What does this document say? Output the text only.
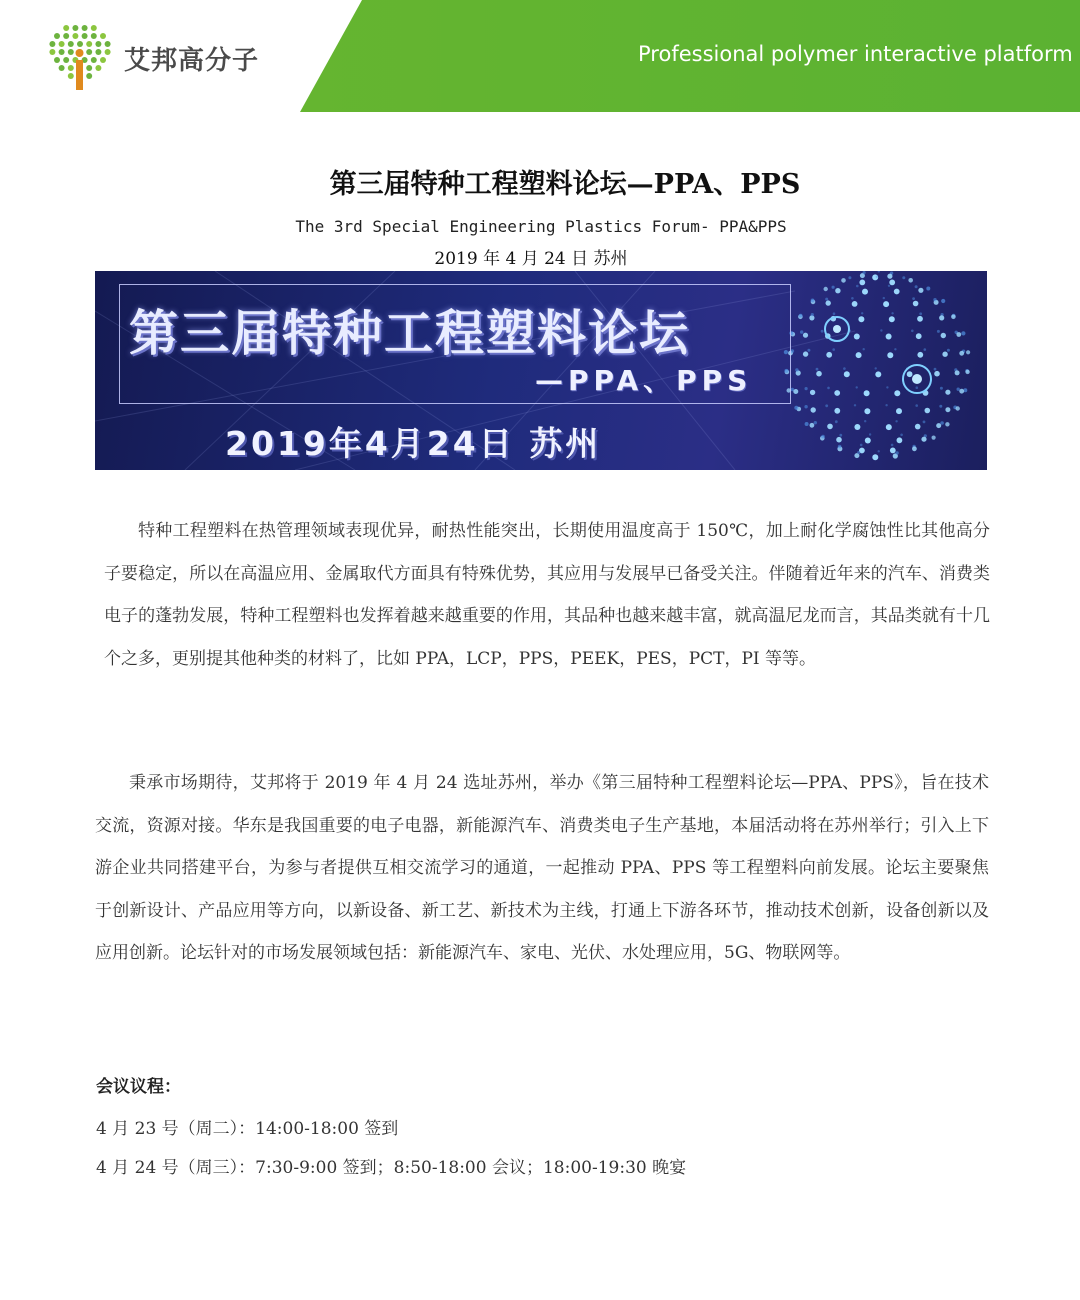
Professional polymer interactive platform
艾邦高分子
第三届特种工程塑料论坛—PPA、PPS
The 3rd Special Engineering Plastics Forum- PPA&PPS
2019 年 4 月 24 日 苏州
第三届特种工程塑料论坛
—PPA、PPS
2019年4月24日 苏州

特种工程塑料在热管理领域表现优异，耐热性能突出，长期使用温度高于 150℃，加上耐化学腐蚀性比其他高分子要稳定，所以在高温应用、金属取代方面具有特殊优势，其应用与发展早已备受关注。伴随着近年来的汽车、消费类电子的蓬勃发展，特种工程塑料也发挥着越来越重要的作用，其品种也越来越丰富，就高温尼龙而言，其品类就有十几个之多，更别提其他种类的材料了，比如 PPA，LCP，PPS，PEEK，PES，PCT，PI 等等。

秉承市场期待，艾邦将于 2019 年 4 月 24 选址苏州，举办《第三届特种工程塑料论坛—PPA、PPS》，旨在技术交流，资源对接。华东是我国重要的电子电器，新能源汽车、消费类电子生产基地，本届活动将在苏州举行；引入上下游企业共同搭建平台，为参与者提供互相交流学习的通道，一起推动 PPA、PPS 等工程塑料向前发展。论坛主要聚焦于创新设计、产品应用等方向，以新设备、新工艺、新技术为主线，打通上下游各环节，推动技术创新，设备创新以及应用创新。论坛针对的市场发展领域包括：新能源汽车、家电、光伏、水处理应用，5G、物联网等。

会议议程：
4 月 23 号（周二）：14:00-18:00 签到
4 月 24 号（周三）：7:30-9:00 签到；8:50-18:00 会议；18:00-19:30 晚宴
